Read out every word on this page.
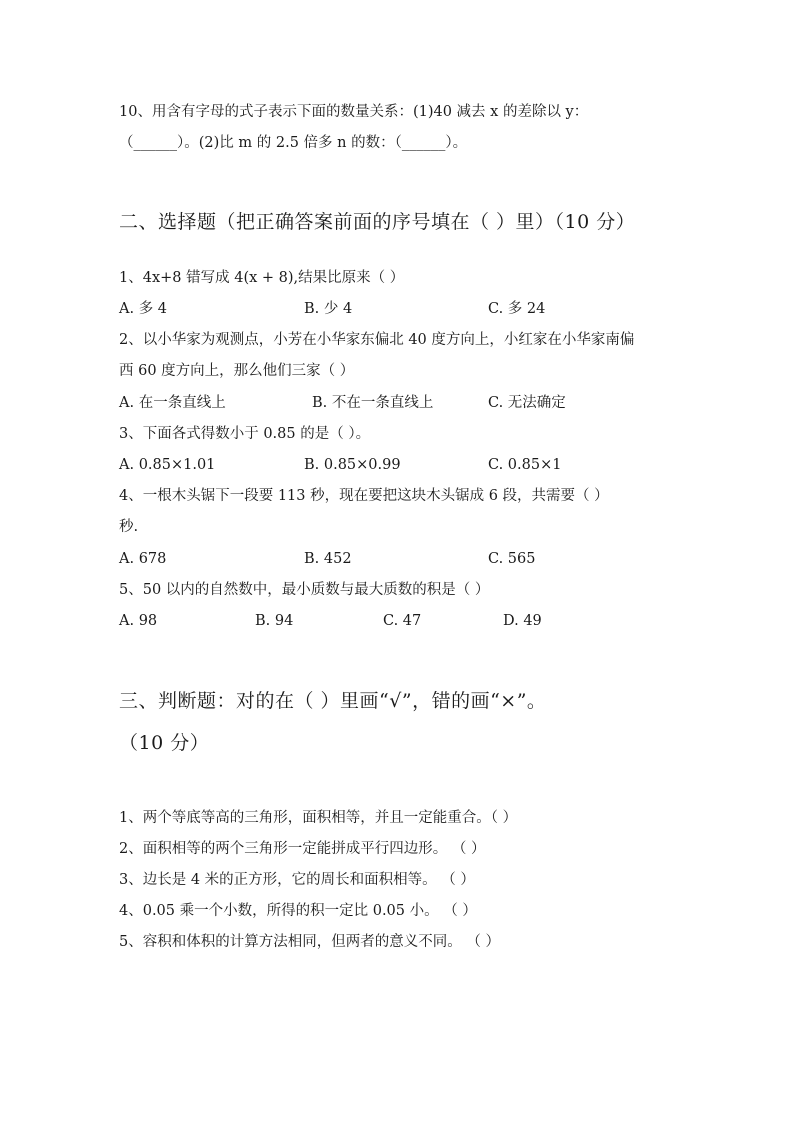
10、用含有字母的式子表示下面的数量关系：(1)40 减去 x 的差除以 y：
（______）。(2)比 m 的 2.5 倍多 n 的数：（______）。
二、选择题（把正确答案前面的序号填在（ ）里）（10 分）
1、4x+8 错写成 4(x + 8),结果比原来（ ）
A. 多 4	B. 少 4	C. 多 24
2、以小华家为观测点，小芳在小华家东偏北 40 度方向上，小红家在小华家南偏
西 60 度方向上，那么他们三家（ ）
A. 在一条直线上	B. 不在一条直线上	C. 无法确定
3、下面各式得数小于 0.85 的是（ ）。
A. 0.85×1.01	B. 0.85×0.99	C. 0.85×1
4、一根木头锯下一段要 113 秒，现在要把这块木头锯成 6 段，共需要（ ）
秒.
A. 678	B. 452	C. 565
5、50 以内的自然数中，最小质数与最大质数的积是（ ）
A. 98	B. 94	C. 47	D. 49
三、判断题：对的在（ ）里画“√”，错的画“×”。
（10 分）
1、两个等底等高的三角形，面积相等，并且一定能重合。（ ）
2、面积相等的两个三角形一定能拼成平行四边形。 （ ）
3、边长是 4 米的正方形，它的周长和面积相等。 （ ）
4、0.05 乘一个小数，所得的积一定比 0.05 小。 （ ）
5、容积和体积的计算方法相同，但两者的意义不同。 （ ）
